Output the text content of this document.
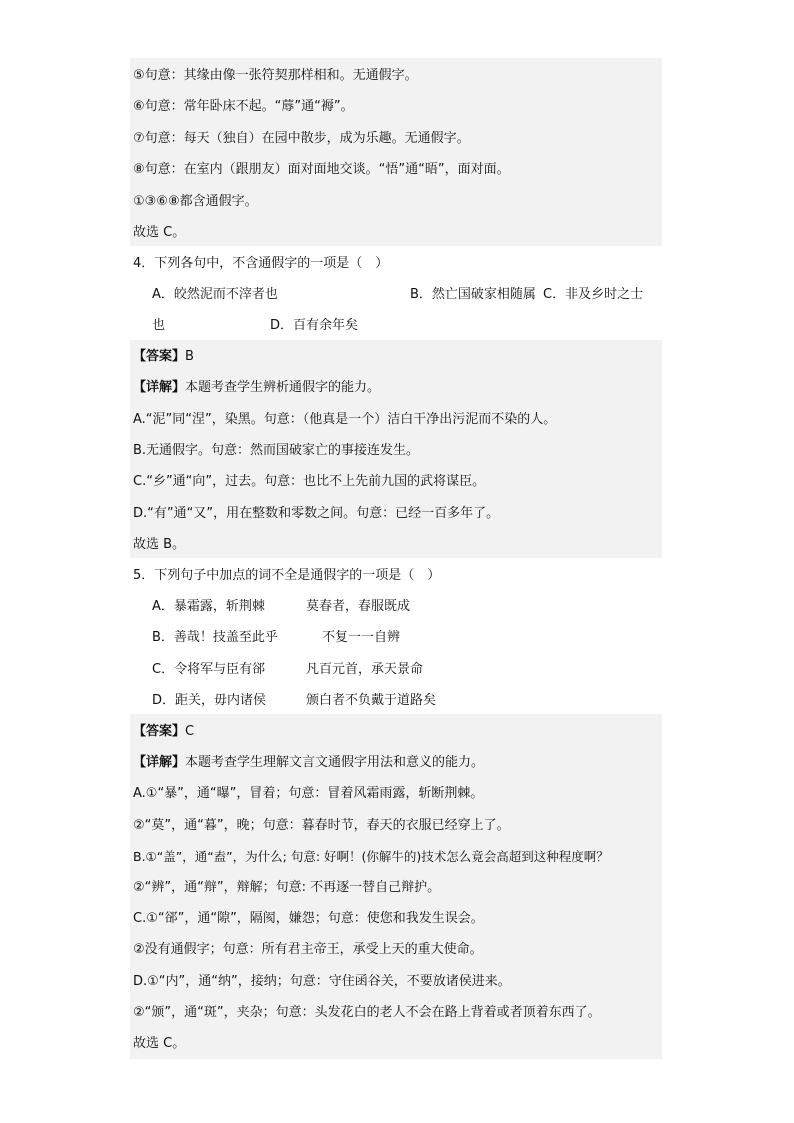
⑤句意：其缘由像一张符契那样相和。无通假字。
⑥句意：常年卧床不起。“蓐”通“褥”。
⑦句意：每天（独自）在园中散步，成为乐趣。无通假字。
⑧句意：在室内（跟朋友）面对面地交谈。“悟”通“晤”，面对面。
①③⑥⑧都含通假字。
故选 C。
4．下列各句中，不含通假字的一项是（　）
A．皎然泥而不滓者也	B．然亡国破家相随属 C．非及乡时之士
也	D．百有余年矣
【答案】B
【详解】本题考查学生辨析通假字的能力。
A.“泥”同“涅”，染黑。句意：（他真是一个）洁白干净出污泥而不染的人。
B.无通假字。句意：然而国破家亡的事接连发生。
C.“乡”通“向”，过去。句意：也比不上先前九国的武将谋臣。
D.“有”通“又”，用在整数和零数之间。句意：已经一百多年了。
故选 B。
5．下列句子中加点的词不全是通假字的一项是（　）
A．暴霜露，斩荆棘	莫春者，春服既成
B．善哉！技盖至此乎	不复一一自辨
C．令将军与臣有郤	凡百元首，承天景命
D．距关，毋内诸侯	颁白者不负戴于道路矣
【答案】C
【详解】本题考查学生理解文言文通假字用法和意义的能力。
A.①“暴”，通“曝”，冒着；句意：冒着风霜雨露，斩断荆棘。
②“莫”，通“暮”，晚；句意：暮春时节，春天的衣服已经穿上了。
B.①“盖”，通“盍”，为什么; 句意: 好啊！(你解牛的)技术怎么竟会高超到这种程度啊？
②“辨”，通“辩”，辩解；句意: 不再逐一替自己辩护。
C.①“郤”，通“隙”，隔阂，嫌怨；句意：使您和我发生误会。
②没有通假字；句意：所有君主帝王，承受上天的重大使命。
D.①“内”，通“纳”，接纳；句意：守住函谷关，不要放诸侯进来。
②“颁”，通“斑”，夹杂；句意：头发花白的老人不会在路上背着或者顶着东西了。
故选 C。
